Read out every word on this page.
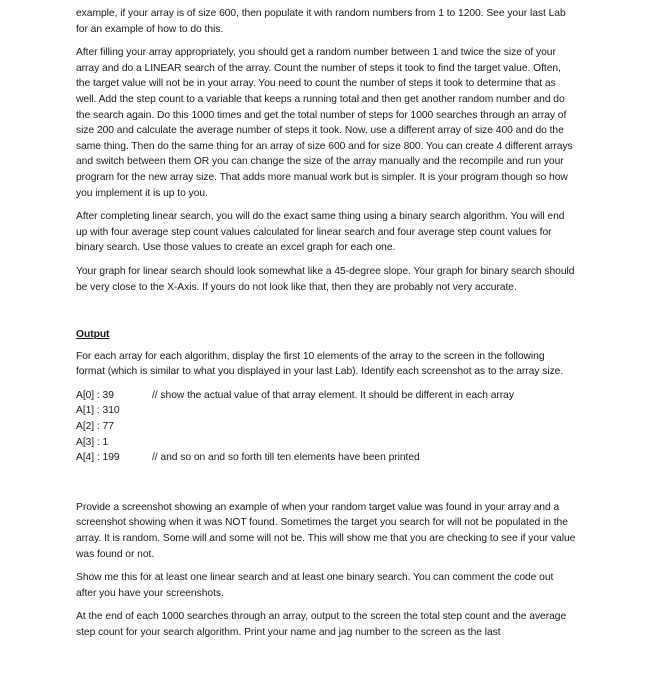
example, if your array is of size 600, then populate it with random numbers from 1 to 1200. See your last Lab for an example of how to do this.

After filling your array appropriately, you should get a random number between 1 and twice the size of your array and do a LINEAR search of the array. Count the number of steps it took to find the target value. Often, the target value will not be in your array. You need to count the number of steps it took to determine that as well. Add the step count to a variable that keeps a running total and then get another random number and do the search again. Do this 1000 times and get the total number of steps for 1000 searches through an array of size 200 and calculate the average number of steps it took. Now, use a different array of size 400 and do the same thing. Then do the same thing for an array of size 600 and for size 800. You can create 4 different arrays and switch between them OR you can change the size of the array manually and the recompile and run your program for the new array size. That adds more manual work but is simpler. It is your program though so how you implement it is up to you.

After completing linear search, you will do the exact same thing using a binary search algorithm. You will end up with four average step count values calculated for linear search and four average step count values for binary search. Use those values to create an excel graph for each one.

Your graph for linear search should look somewhat like a 45-degree slope. Your graph for binary search should be very close to the X-Axis. If yours do not look like that, then they are probably not very accurate.

Output

For each array for each algorithm, display the first 10 elements of the array to the screen in the following format (which is similar to what you displayed in your last Lab). Identify each screenshot as to the array size.

A[0] : 39	// show the actual value of that array element. It should be different in each array
A[1] : 310
A[2] : 77
A[3] : 1
A[4] : 199	// and so on and so forth till ten elements have been printed

Provide a screenshot showing an example of when your random target value was found in your array and a screenshot showing when it was NOT found. Sometimes the target you search for will not be populated in the array. It is random. Some will and some will not be. This will show me that you are checking to see if your value was found or not.

Show me this for at least one linear search and at least one binary search. You can comment the code out after you have your screenshots.

At the end of each 1000 searches through an array, output to the screen the total step count and the average step count for your search algorithm. Print your name and jag number to the screen as the last
